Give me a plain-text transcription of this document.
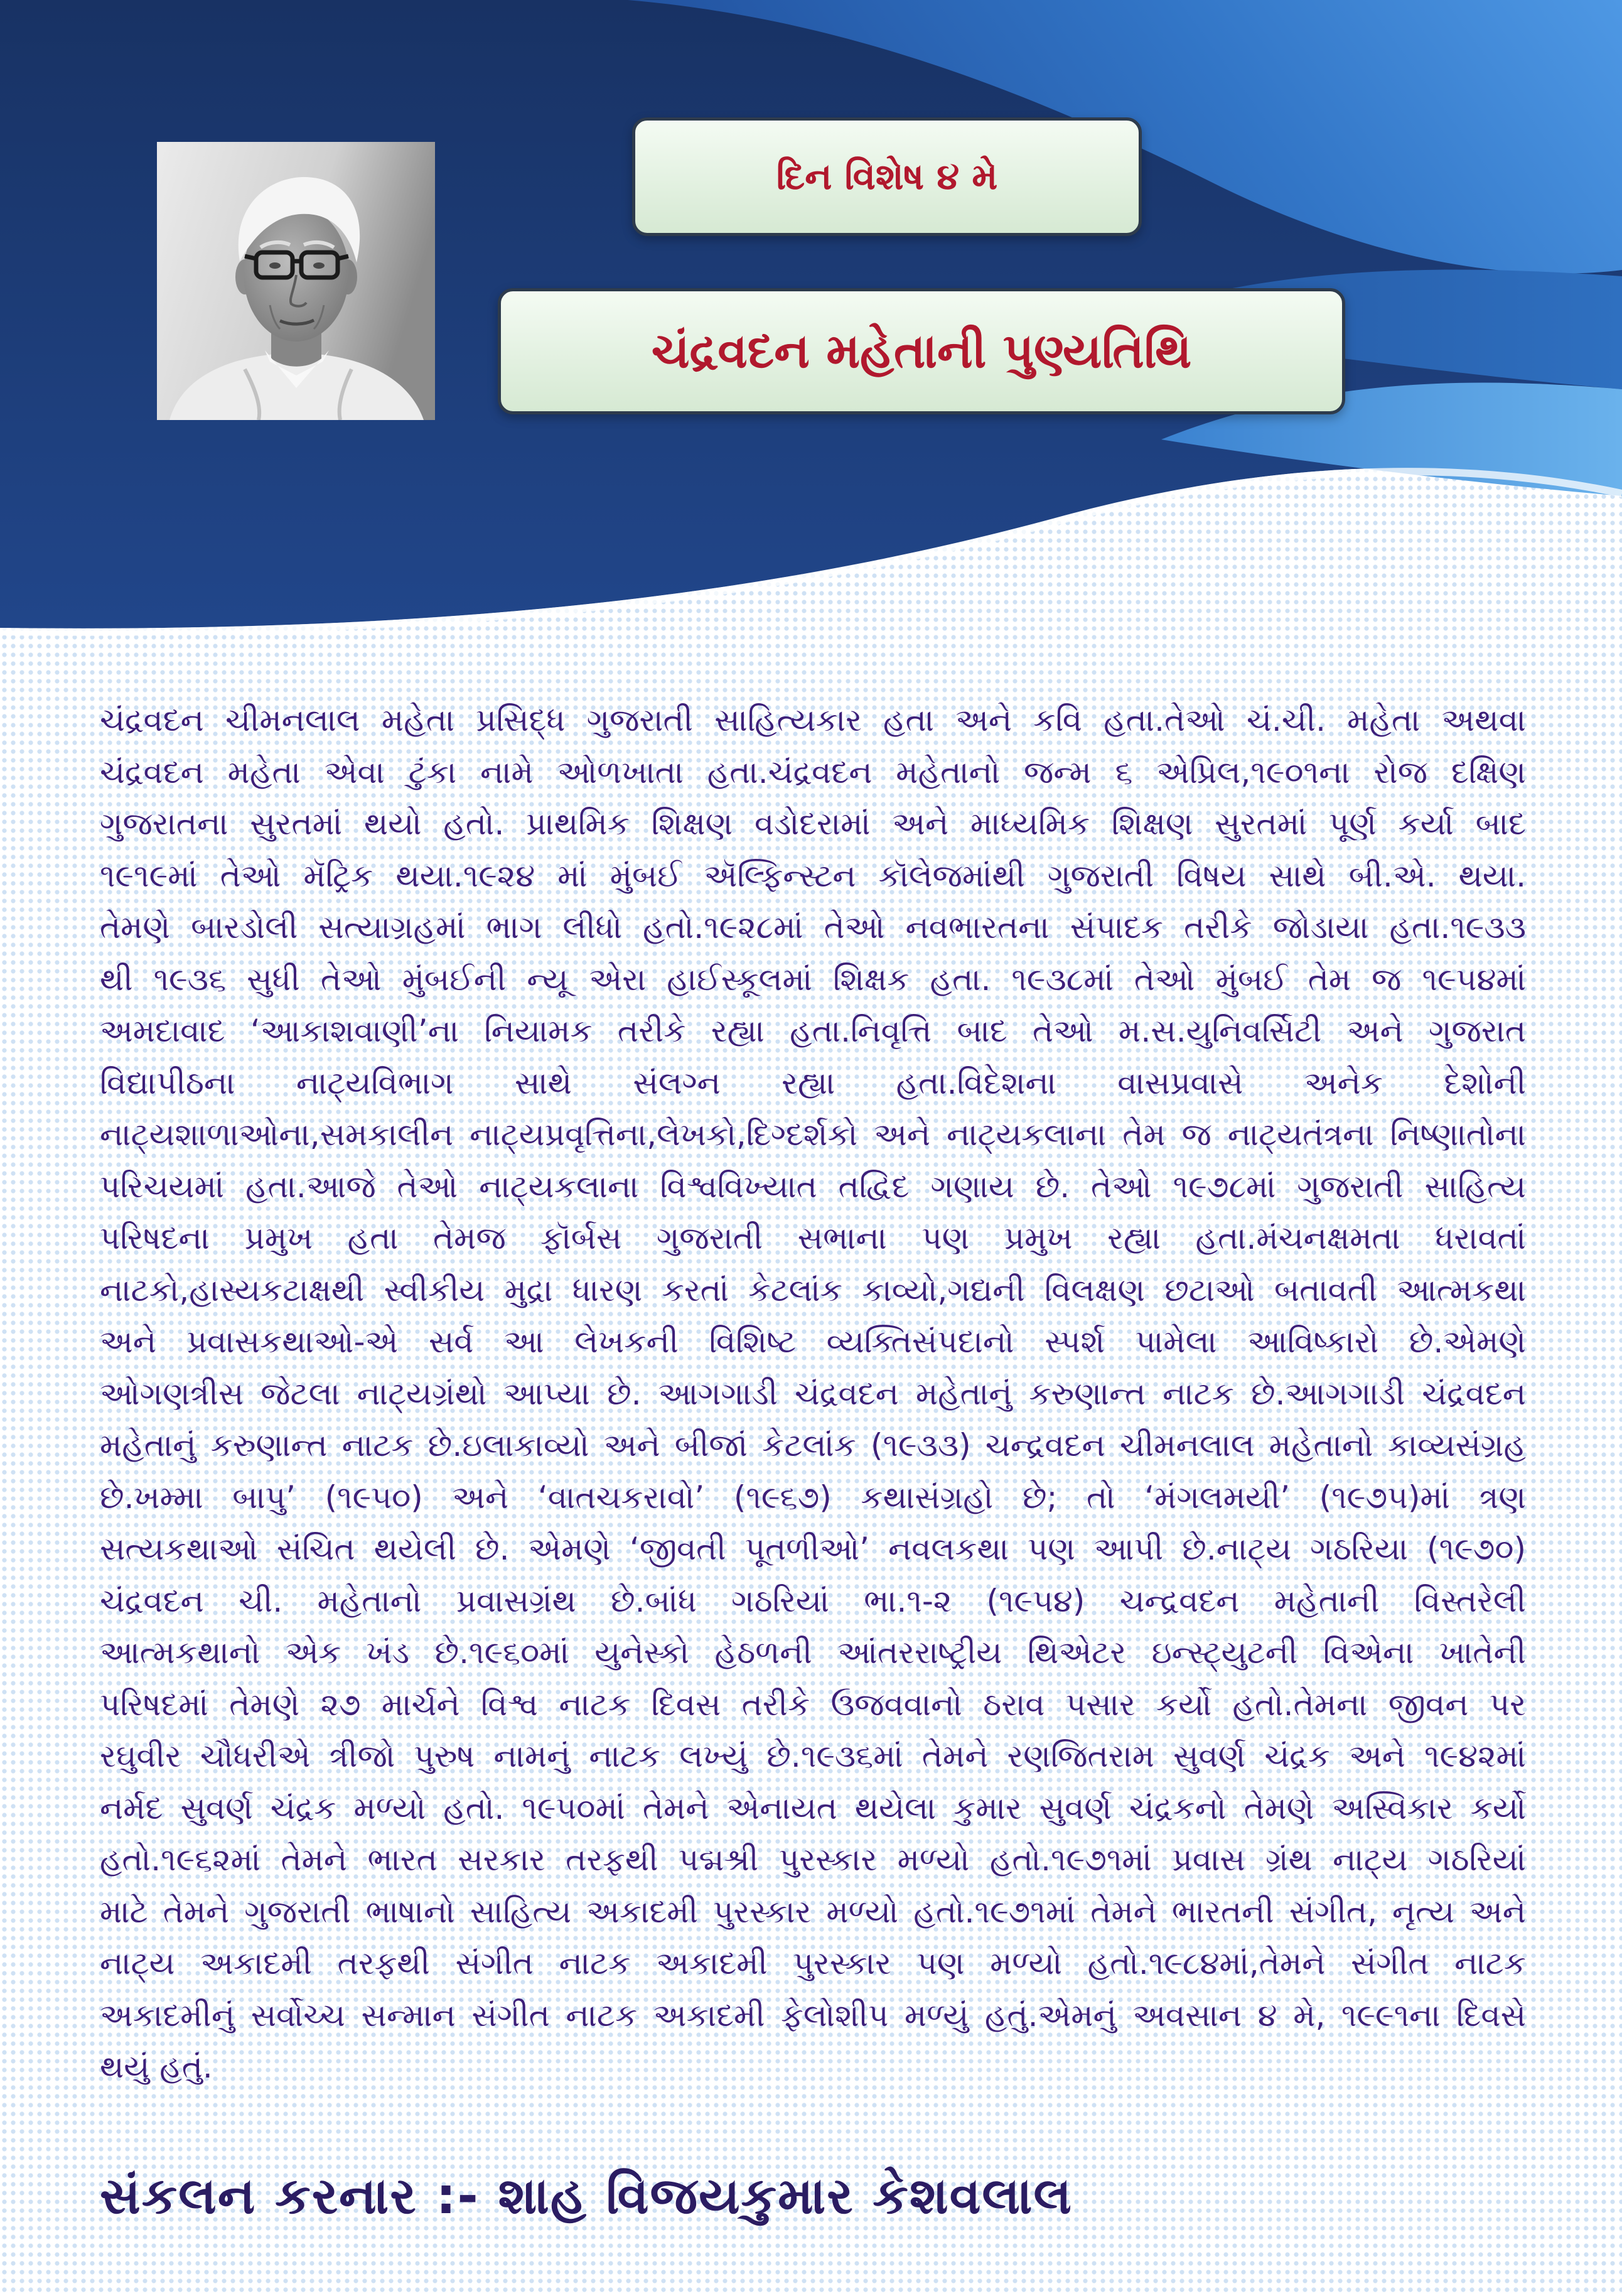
દિન વિશેષ ૪ મે
ચંદ્રવદન મહેતાની પુણ્યતિથિ
ચંદ્રવદન ચીમનલાલ મહેતા પ્રસિદ્ધ ગુજરાતી સાહિત્યકાર હતા અને કવિ હતા.તેઓ ચં.ચી. મહેતા અથવા
ચંદ્રવદન મહેતા એવા ટુંકા નામે ઓળખાતા હતા.ચંદ્રવદન મહેતાનો જન્મ ૬ એપ્રિલ,૧૯૦૧ના રોજ દક્ષિણ
ગુજરાતના સુરતમાં થયો હતો. પ્રાથમિક શિક્ષણ વડોદરામાં અને માધ્યમિક શિક્ષણ સુરતમાં પૂર્ણ કર્યા બાદ
૧૯૧૯માં તેઓ મૅટ્રિક થયા.૧૯૨૪ માં મુંબઈ ઍલ્ફિન્સ્ટન કૉલેજમાંથી ગુજરાતી વિષય સાથે બી.એ. થયા.
તેમણે બારડોલી સત્યાગ્રહમાં ભાગ લીધો હતો.૧૯૨૮માં તેઓ નવભારતના સંપાદક તરીકે જોડાયા હતા.૧૯૩૩
થી ૧૯૩૬ સુધી તેઓ મુંબઈની ન્યૂ એરા હાઈસ્કૂલમાં શિક્ષક હતા. ૧૯૩૮માં તેઓ મુંબઈ તેમ જ ૧૯૫૪માં
અમદાવાદ ‘આકાશવાણી’ના નિયામક તરીકે રહ્યા હતા.નિવૃત્તિ બાદ તેઓ મ.સ.યુનિવર્સિટી અને ગુજરાત
વિદ્યાપીઠના નાટ્યવિભાગ સાથે સંલગ્ન રહ્યા હતા.વિદેશના વાસપ્રવાસે અનેક દેશોની
નાટ્યશાળાઓના,સમકાલીન નાટ્યપ્રવૃત્તિના,લેખકો,દિગ્દર્શકો અને નાટ્યકલાના તેમ જ નાટ્યતંત્રના નિષ્ણાતોના
પરિચયમાં હતા.આજે તેઓ નાટ્યકલાના વિશ્વવિખ્યાત તદ્વિદ ગણાય છે. તેઓ ૧૯૭૮માં ગુજરાતી સાહિત્ય
પરિષદના પ્રમુખ હતા તેમજ ફૉર્બસ ગુજરાતી સભાના પણ પ્રમુખ રહ્યા હતા.મંચનક્ષમતા ધરાવતાં
નાટકો,હાસ્યકટાક્ષથી સ્વીકીય મુદ્રા ધારણ કરતાં કેટલાંક કાવ્યો,ગદ્યની વિલક્ષણ છટાઓ બતાવતી આત્મકથા
અને પ્રવાસકથાઓ-એ સર્વ આ લેખકની વિશિષ્ટ વ્યક્તિસંપદાનો સ્પર્શ પામેલા આવિષ્કારો છે.એમણે
ઓગણત્રીસ જેટલા નાટ્યગ્રંથો આપ્યા છે. આગગાડી ચંદ્રવદન મહેતાનું કરુણાન્ત નાટક છે.આગગાડી ચંદ્રવદન
મહેતાનું કરુણાન્ત નાટક છે.ઇલાકાવ્યો અને બીજાં કેટલાંક (૧૯૩૩) ચન્દ્રવદન ચીમનલાલ મહેતાનો કાવ્યસંગ્રહ
છે.ખમ્મા બાપુ’ (૧૯૫૦) અને ‘વાતચકરાવો’ (૧૯૬૭) કથાસંગ્રહો છે; તો ‘મંગલમયી’ (૧૯૭૫)માં ત્રણ
સત્યકથાઓ સંચિત થયેલી છે. એમણે ‘જીવતી પૂતળીઓ’ નવલકથા પણ આપી છે.નાટ્ય ગઠરિયા (૧૯૭૦)
ચંદ્રવદન ચી. મહેતાનો પ્રવાસગ્રંથ છે.બાંધ ગઠરિયાં ભા.૧-૨ (૧૯૫૪) ચન્દ્રવદન મહેતાની વિસ્તરેલી
આત્મકથાનો એક ખંડ છે.૧૯૬૦માં યુનેસ્કો હેઠળની આંતરરાષ્ટ્રીય થિએટર ઇન્સ્ટ્યુટની વિએના ખાતેની
પરિષદમાં તેમણે ૨૭ માર્ચને વિશ્વ નાટક દિવસ તરીકે ઉજવવાનો ઠરાવ પસાર કર્યો હતો.તેમના જીવન પર
રઘુવીર ચૌધરીએ ત્રીજો પુરુષ નામનું નાટક લખ્યું છે.૧૯૩૬માં તેમને રણજિતરામ સુવર્ણ ચંદ્રક અને ૧૯૪૨માં
નર્મદ સુવર્ણ ચંદ્રક મળ્યો હતો. ૧૯૫૦માં તેમને એનાયત થયેલા કુમાર સુવર્ણ ચંદ્રકનો તેમણે અસ્વિકાર કર્યો
હતો.૧૯૬૨માં તેમને ભારત સરકાર તરફથી પદ્મશ્રી પુરસ્કાર મળ્યો હતો.૧૯૭૧માં પ્રવાસ ગ્રંથ નાટ્ય ગઠરિયાં
માટે તેમને ગુજરાતી ભાષાનો સાહિત્ય અકાદમી પુરસ્કાર મળ્યો હતો.૧૯૭૧માં તેમને ભારતની સંગીત, નૃત્ય અને
નાટ્ય અકાદમી તરફથી સંગીત નાટક અકાદમી પુરસ્કાર પણ મળ્યો હતો.૧૯૮૪માં,તેમને સંગીત નાટક
અકાદમીનું સર્વોચ્ચ સન્માન સંગીત નાટક અકાદમી ફેલોશીપ મળ્યું હતું.એમનું અવસાન ૪ મે, ૧૯૯૧ના દિવસે
થયું હતું.
સંકલન કરનાર :- શાહ વિજયકુમાર કેશવલાલ
